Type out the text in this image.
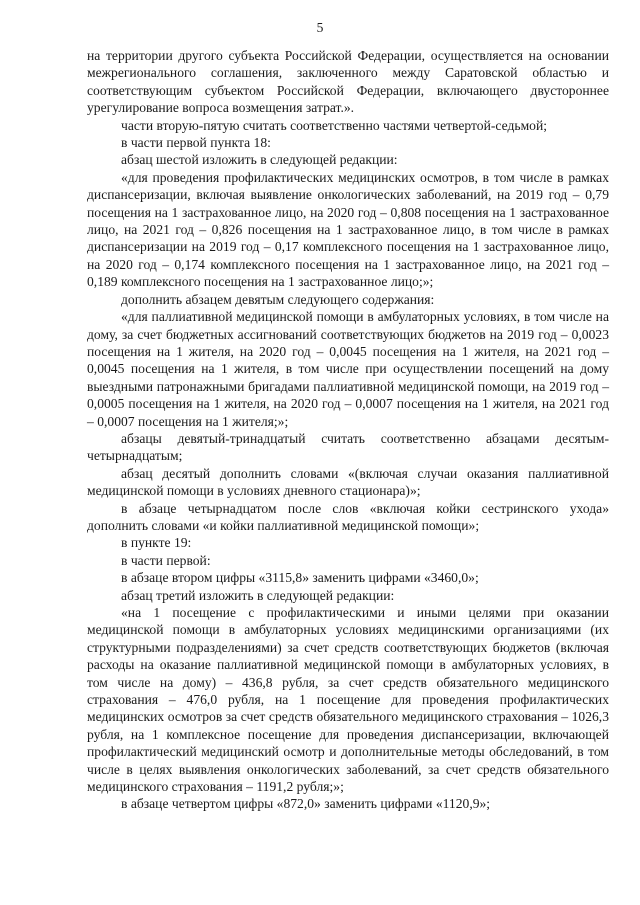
5

на территории другого субъекта Российской Федерации, осуществляется на основании межрегионального соглашения, заключенного между Саратовской областью и соответствующим субъектом Российской Федерации, включающего двустороннее урегулирование вопроса возмещения затрат.».

части вторую-пятую считать соответственно частями четвертой-седьмой;

в части первой пункта 18:

абзац шестой изложить в следующей редакции:

«для проведения профилактических медицинских осмотров, в том числе в рамках диспансеризации, включая выявление онкологических заболеваний, на 2019 год – 0,79 посещения на 1 застрахованное лицо, на 2020 год – 0,808 посещения на 1 застрахованное лицо, на 2021 год – 0,826 посещения на 1 застрахованное лицо, в том числе в рамках диспансеризации на 2019 год – 0,17 комплексного посещения на 1 застрахованное лицо, на 2020 год – 0,174 комплексного посещения на 1 застрахованное лицо, на 2021 год – 0,189 комплексного посещения на 1 застрахованное лицо;»;

дополнить абзацем девятым следующего содержания:

«для паллиативной медицинской помощи в амбулаторных условиях, в том числе на дому, за счет бюджетных ассигнований соответствующих бюджетов на 2019 год – 0,0023 посещения на 1 жителя, на 2020 год – 0,0045 посещения на 1 жителя, на 2021 год – 0,0045 посещения на 1 жителя, в том числе при осуществлении посещений на дому выездными патронажными бригадами паллиативной медицинской помощи, на 2019 год – 0,0005 посещения на 1 жителя, на 2020 год – 0,0007 посещения на 1 жителя, на 2021 год – 0,0007 посещения на 1 жителя;»;

абзацы девятый-тринадцатый считать соответственно абзацами десятым-четырнадцатым;

абзац десятый дополнить словами «(включая случаи оказания паллиативной медицинской помощи в условиях дневного стационара)»;

в абзаце четырнадцатом после слов «включая койки сестринского ухода» дополнить словами «и койки паллиативной медицинской помощи»;

в пункте 19:

в части первой:

в абзаце втором цифры «3115,8» заменить цифрами «3460,0»;

абзац третий изложить в следующей редакции:

«на 1 посещение с профилактическими и иными целями при оказании медицинской помощи в амбулаторных условиях медицинскими организациями (их структурными подразделениями) за счет средств соответствующих бюджетов (включая расходы на оказание паллиативной медицинской помощи в амбулаторных условиях, в том числе на дому) – 436,8 рубля, за счет средств обязательного медицинского страхования – 476,0 рубля, на 1 посещение для проведения профилактических медицинских осмотров за счет средств обязательного медицинского страхования – 1026,3 рубля, на 1 комплексное посещение для проведения диспансеризации, включающей профилактический медицинский осмотр и дополнительные методы обследований, в том числе в целях выявления онкологических заболеваний, за счет средств обязательного медицинского страхования – 1191,2 рубля;»;

в абзаце четвертом цифры «872,0» заменить цифрами «1120,9»;
